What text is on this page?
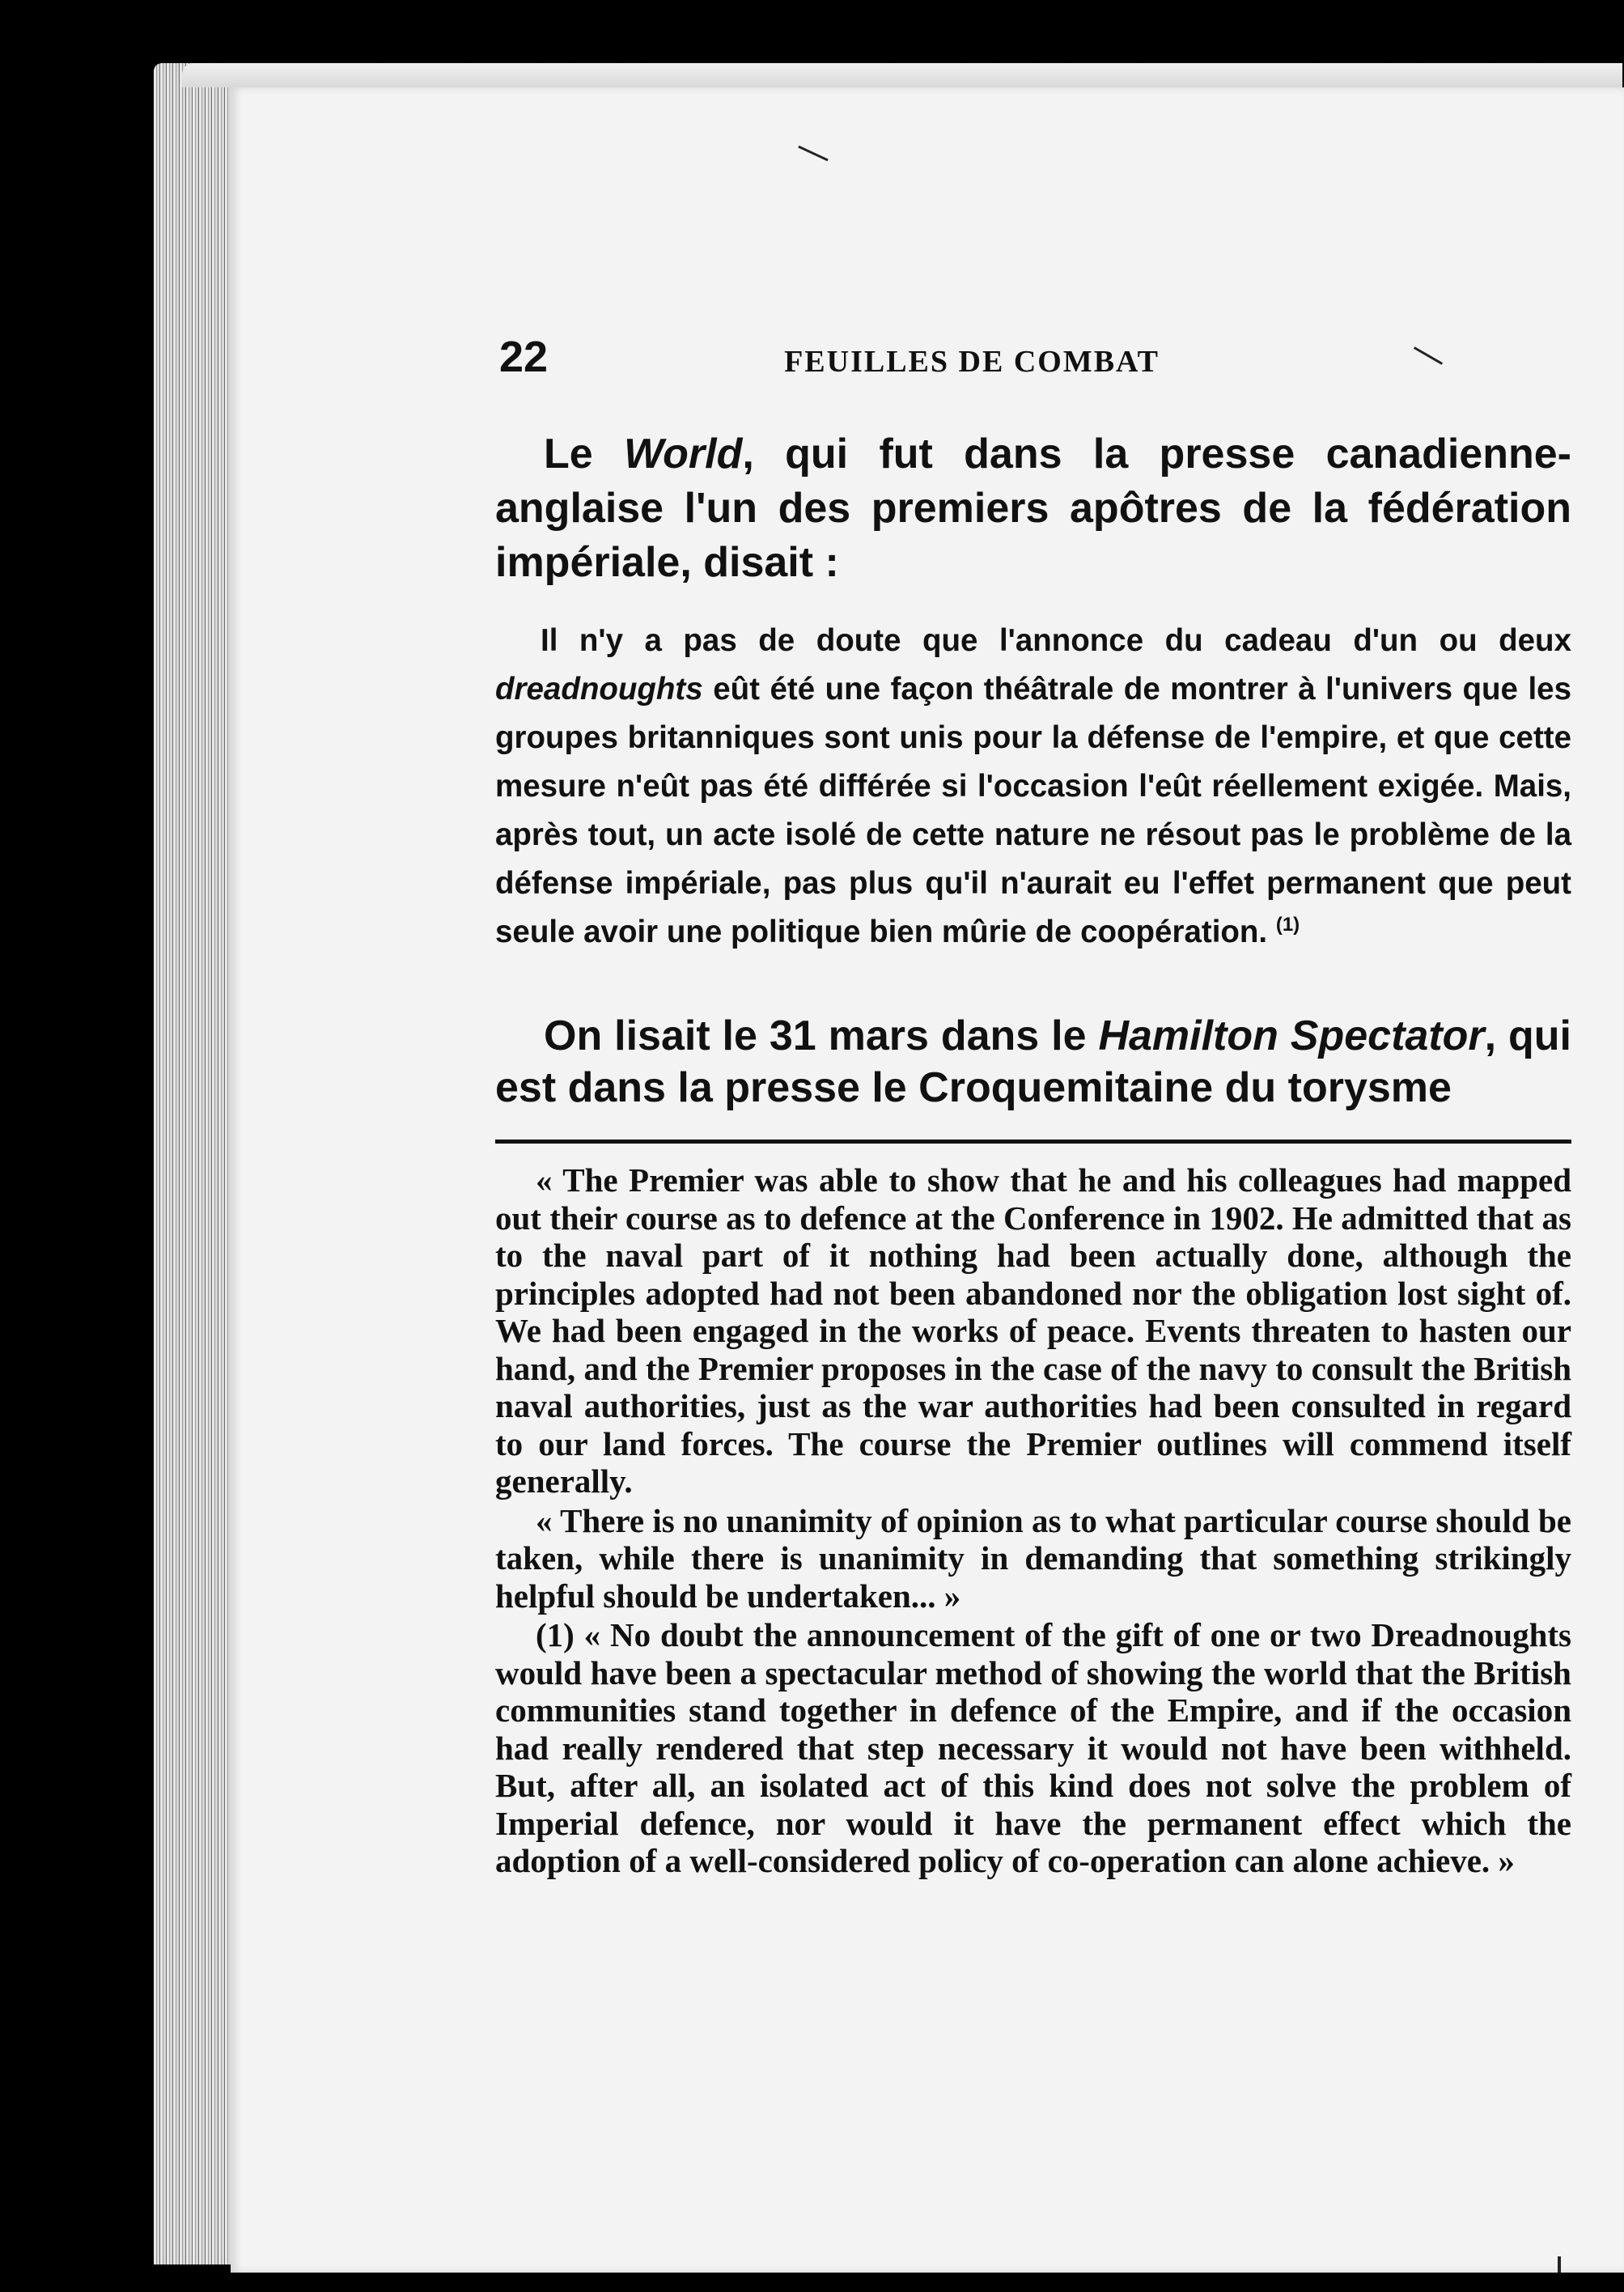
22	FEUILLES DE COMBAT

Le World, qui fut dans la presse canadienne-anglaise l'un des premiers apôtres de la fédération impériale, disait :

Il n'y a pas de doute que l'annonce du cadeau d'un ou deux dreadnoughts eût été une façon théâtrale de montrer à l'univers que les groupes britanniques sont unis pour la défense de l'empire, et que cette mesure n'eût pas été différée si l'occasion l'eût réellement exigée. Mais, après tout, un acte isolé de cette nature ne résout pas le problème de la défense impériale, pas plus qu'il n'aurait eu l'effet permanent que peut seule avoir une politique bien mûrie de coopération. $^{(1)}$

On lisait le 31 mars dans le Hamilton Spectator, qui est dans la presse le Croquemitaine du torysme

« The Premier was able to show that he and his colleagues had mapped out their course as to defence at the Conference in 1902. He admitted that as to the naval part of it nothing had been actually done, although the principles adopted had not been abandoned nor the obligation lost sight of. We had been engaged in the works of peace. Events threaten to hasten our hand, and the Premier proposes in the case of the navy to consult the British naval authorities, just as the war authorities had been consulted in regard to our land forces. The course the Premier outlines will commend itself generally.

« There is no unanimity of opinion as to what particular course should be taken, while there is unanimity in demanding that something strikingly helpful should be undertaken... »

(1) « No doubt the announcement of the gift of one or two Dreadnoughts would have been a spectacular method of showing the world that the British communities stand together in defence of the Empire, and if the occasion had really rendered that step necessary it would not have been withheld. But, after all, an isolated act of this kind does not solve the problem of Imperial defence, nor would it have the permanent effect which the adoption of a well-considered policy of co-operation can alone achieve. »
